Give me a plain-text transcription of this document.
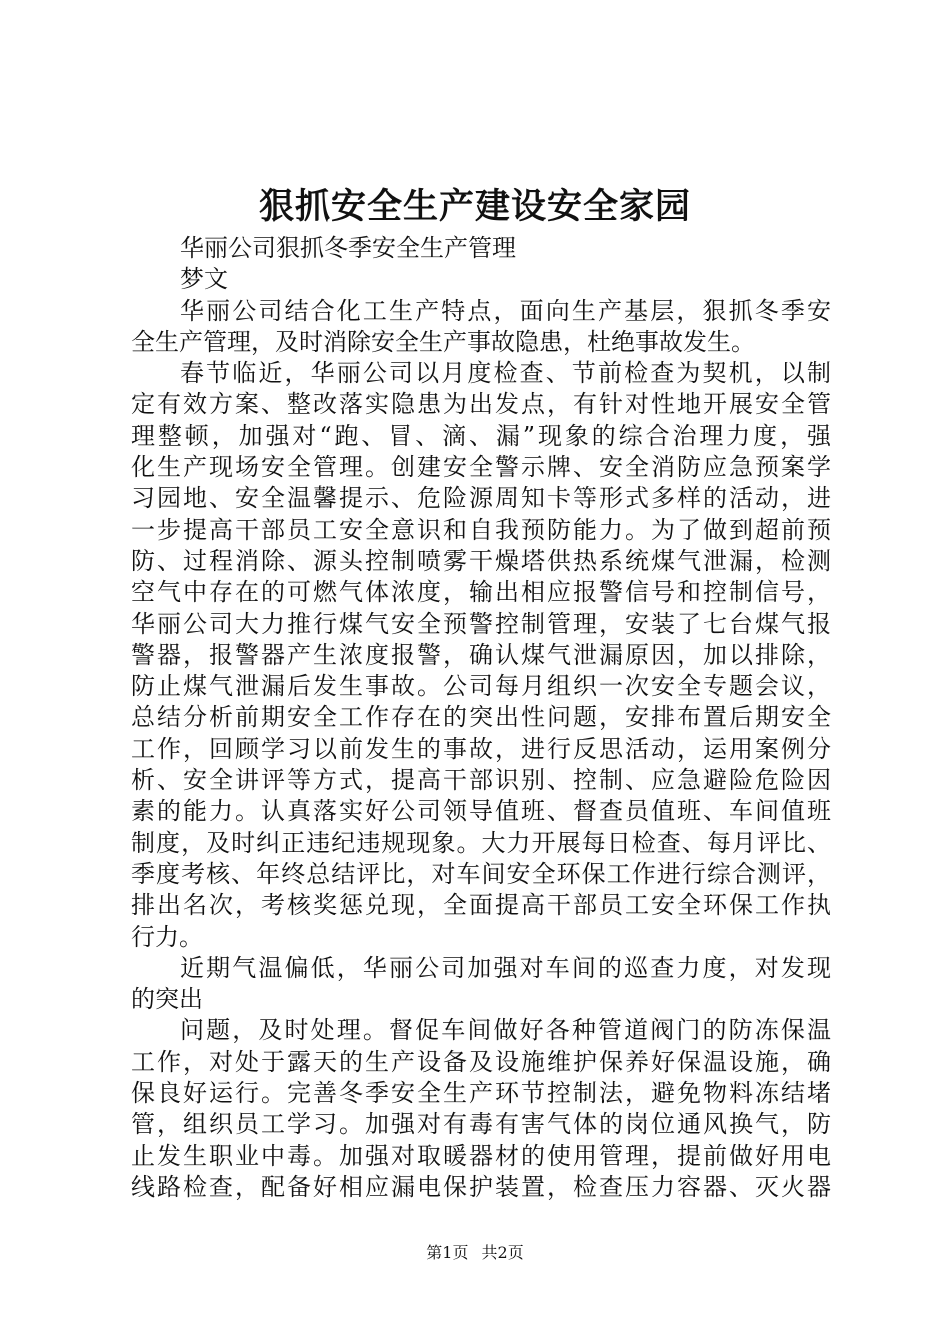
狠抓安全生产建设安全家园
华丽公司狠抓冬季安全生产管理
梦文
华丽公司结合化工生产特点，面向生产基层，狠抓冬季安
全生产管理，及时消除安全生产事故隐患，杜绝事故发生。
春节临近，华丽公司以月度检查、节前检查为契机，以制
定有效方案、整改落实隐患为出发点，有针对性地开展安全管
理整顿，加强对“跑、冒、滴、漏”现象的综合治理力度，强
化生产现场安全管理。创建安全警示牌、安全消防应急预案学
习园地、安全温馨提示、危险源周知卡等形式多样的活动，进
一步提高干部员工安全意识和自我预防能力。为了做到超前预
防、过程消除、源头控制喷雾干燥塔供热系统煤气泄漏，检测
空气中存在的可燃气体浓度，输出相应报警信号和控制信号，
华丽公司大力推行煤气安全预警控制管理，安装了七台煤气报
警器，报警器产生浓度报警，确认煤气泄漏原因，加以排除，
防止煤气泄漏后发生事故。公司每月组织一次安全专题会议，
总结分析前期安全工作存在的突出性问题，安排布置后期安全
工作，回顾学习以前发生的事故，进行反思活动，运用案例分
析、安全讲评等方式，提高干部识别、控制、应急避险危险因
素的能力。认真落实好公司领导值班、督查员值班、车间值班
制度，及时纠正违纪违规现象。大力开展每日检查、每月评比、
季度考核、年终总结评比，对车间安全环保工作进行综合测评，
排出名次，考核奖惩兑现，全面提高干部员工安全环保工作执
行力。
近期气温偏低，华丽公司加强对车间的巡查力度，对发现
的突出
问题，及时处理。督促车间做好各种管道阀门的防冻保温
工作，对处于露天的生产设备及设施维护保养好保温设施，确
保良好运行。完善冬季安全生产环节控制法，避免物料冻结堵
管，组织员工学习。加强对有毒有害气体的岗位通风换气，防
止发生职业中毒。加强对取暖器材的使用管理，提前做好用电
线路检查，配备好相应漏电保护装置，检查压力容器、灭火器
第1页 共2页
